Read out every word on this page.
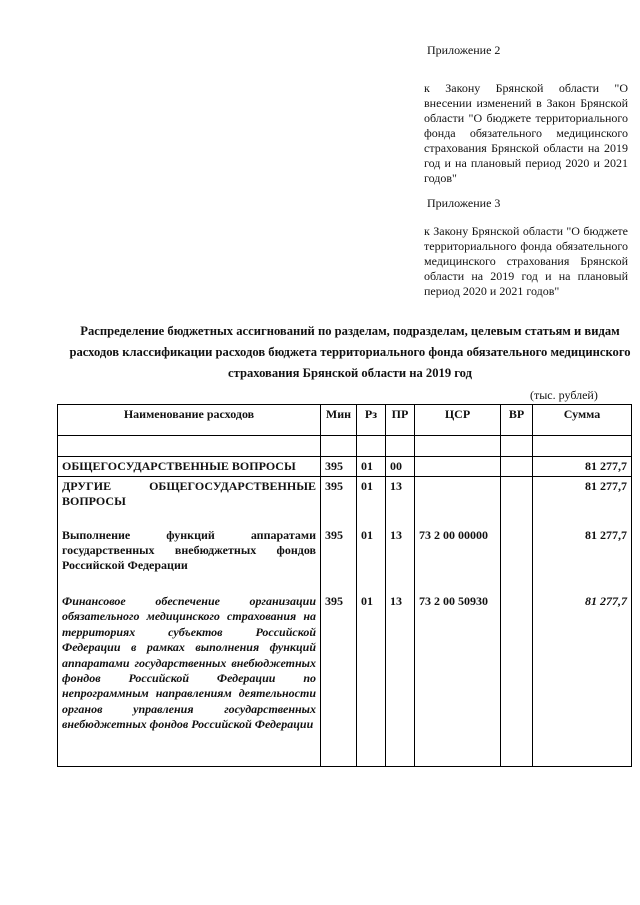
Приложение 2
к Закону Брянской области "О внесении изменений в Закон Брянской области "О бюджете территориального фонда обязательного медицинского страхования Брянской области на 2019 год и на плановый период 2020 и 2021 годов"
Приложение 3
к Закону Брянской области "О бюджете территориального фонда обязательного медицинского страхования Брянской области на 2019 год и на плановый период 2020 и 2021 годов"
Распределение бюджетных ассигнований по разделам, подразделам, целевым статьям и видам расходов классификации расходов бюджета территориального фонда обязательного медицинского страхования Брянской области на 2019 год
(тыс. рублей)
Наименование расходов	Мин	Рз	ПР	ЦСР	ВР	Сумма

ОБЩЕГОСУДАРСТВЕННЫЕ ВОПРОСЫ	395	01	00			81 277,7
ДРУГИЕ ОБЩЕГОСУДАРСТВЕННЫЕ ВОПРОСЫ	395	01	13			81 277,7
Выполнение функций аппаратами государственных внебюджетных фондов Российской Федерации	395	01	13	73 2 00 00000		81 277,7
Финансовое обеспечение организации обязательного медицинского страхования на территориях субъектов Российской Федерации в рамках выполнения функций аппаратами государственных внебюджетных фондов Российской Федерации по непрограммным направлениям деятельности органов управления государственных внебюджетных фондов Российской Федерации	395	01	13	73 2 00 50930		81 277,7
